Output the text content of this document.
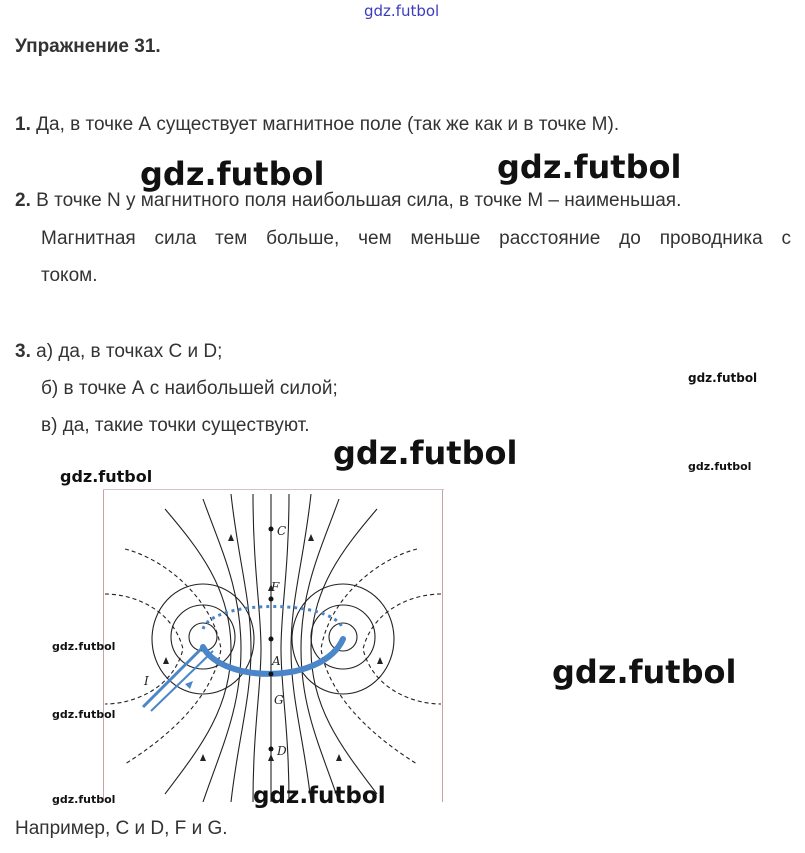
gdz.futbol
Упражнение 31.
1. Да, в точке А существует магнитное поле (так же как и в точке М).
2. В точке N у магнитного поля наибольшая сила, в точке М – наименьшая.
Магнитная сила тем больше, чем меньше расстояние до проводника с
током.
3. а) да, в точках С и D;
б) в точке А с наибольшей силой;
в) да, такие точки существуют.
C
F
A
G
D
I
Например, C и D, F и G.
gdz.futbol	gdz.futbol
gdz.futbol
gdz.futbol	gdz.futbol
gdz.futbol
gdz.futbol
gdz.futbol
gdz.futbol
gdz.futbol	gdz.futbol
